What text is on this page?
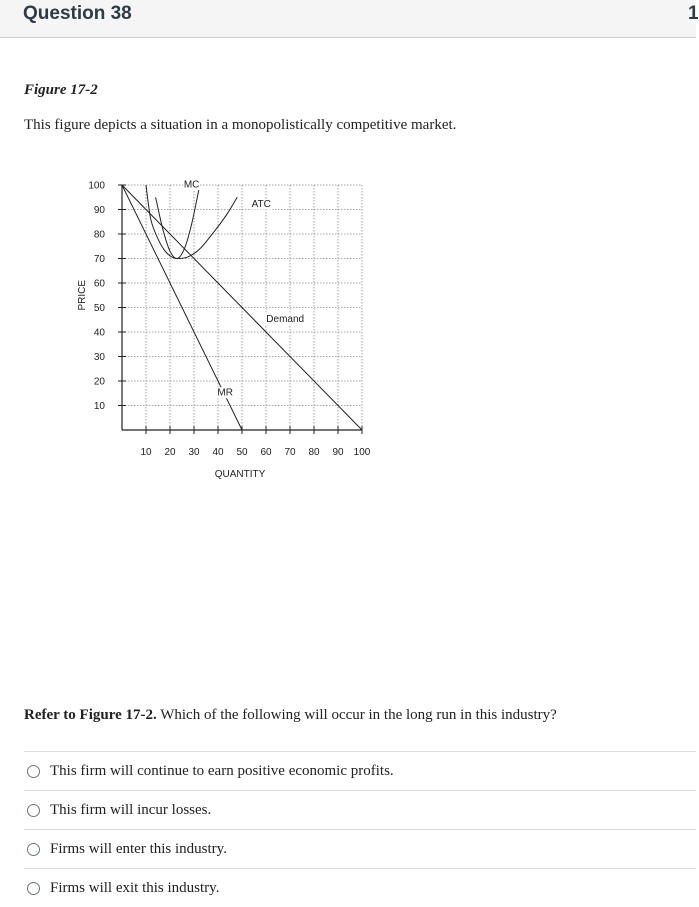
Question 38	1
Figure 17-2
This figure depicts a situation in a monopolistically competitive market.
10 20 30 40 50 60 70 80 90 100
10
20
30
40
50
60
70
80
90
100
QUANTITY
PRICE
MC
ATC
Demand
MR
Refer to Figure 17-2. Which of the following will occur in the long run in this industry?
This firm will continue to earn positive economic profits.
This firm will incur losses.
Firms will enter this industry.
Firms will exit this industry.
